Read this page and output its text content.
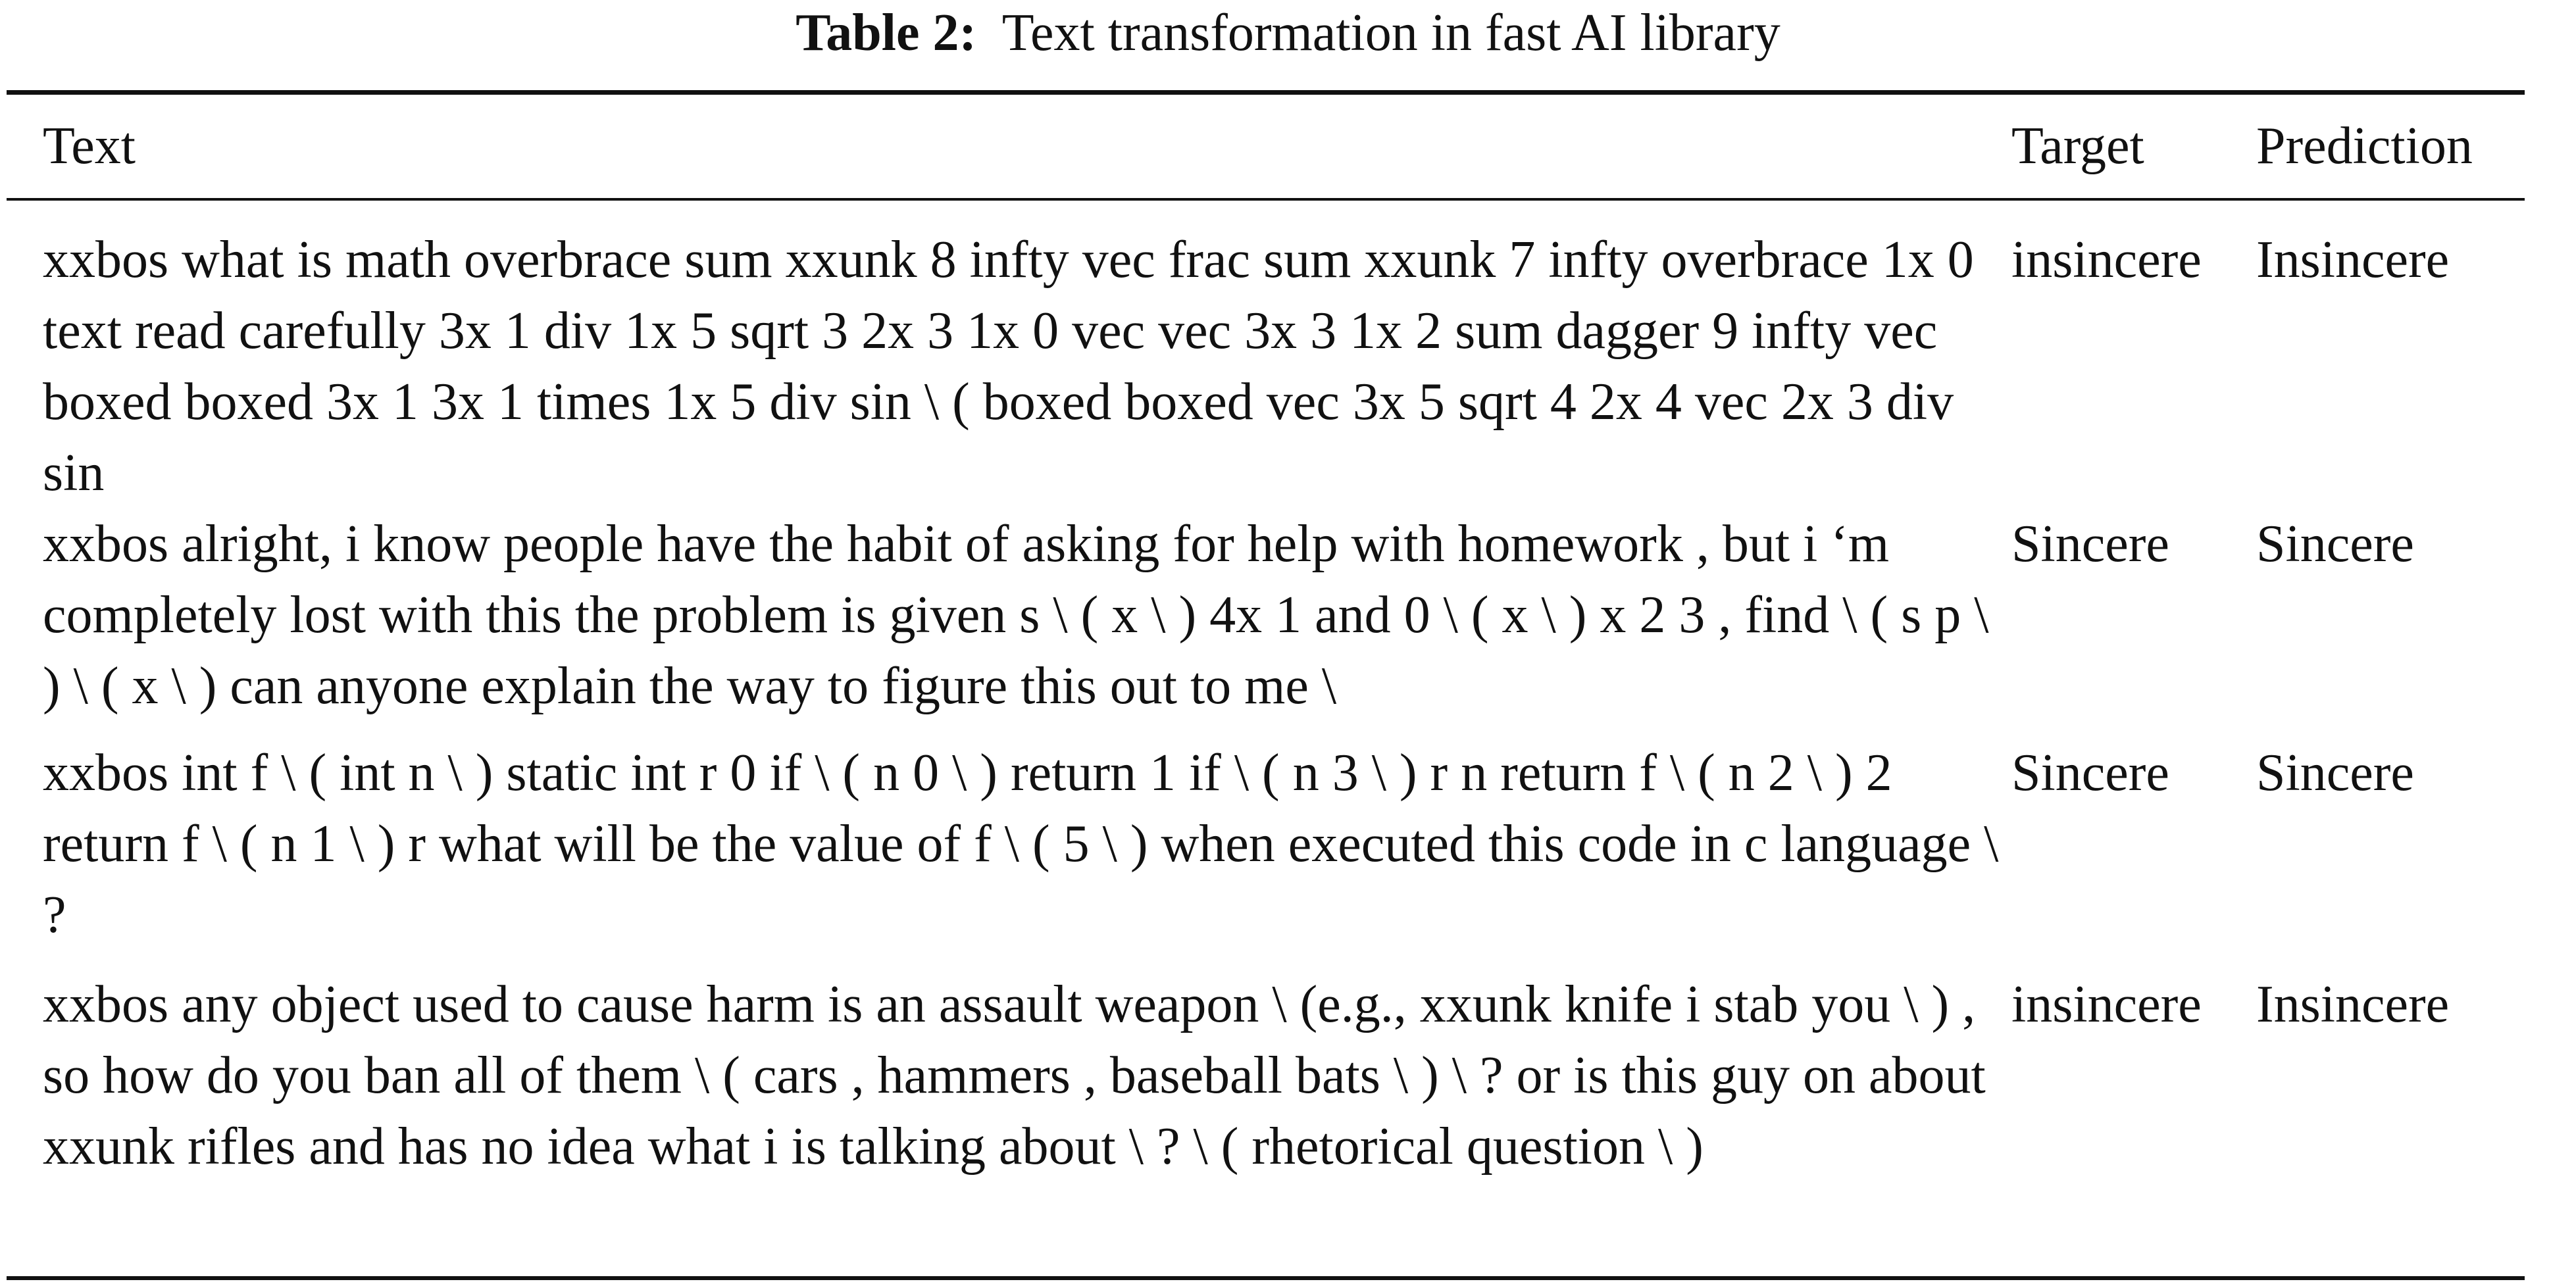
Table 2: Text transformation in fast AI library
Text	Target	Prediction
xxbos what is math overbrace sum xxunk 8 infty vec frac sum xxunk 7 infty overbrace 1x 0 text read carefully 3x 1 div 1x 5 sqrt 3 2x 3 1x 0 vec vec 3x 3 1x 2 sum dagger 9 infty vec boxed boxed 3x 1 3x 1 times 1x 5 div sin \ ( boxed boxed vec 3x 5 sqrt 4 2x 4 vec 2x 3 div sin	insincere	Insincere
xxbos alright, i know people have the habit of asking for help with homework , but i ‘m completely lost with this the problem is given s \ ( x \ ) 4x 1 and 0 \ ( x \ ) x 2 3 , find \ ( s p \ ) \ ( x \ ) can anyone explain the way to figure this out to me \	Sincere	Sincere
xxbos int f \ ( int n \ ) static int r 0 if \ ( n 0 \ ) return 1 if \ ( n 3 \ ) r n return f \ ( n 2 \ ) 2 return f \ ( n 1 \ ) r what will be the value of f \ ( 5 \ ) when executed this code in c language \ ?	Sincere	Sincere
xxbos any object used to cause harm is an assault weapon \ (e.g., xxunk knife i stab you \ ) , so how do you ban all of them \ ( cars , hammers , baseball bats \ ) \ ? or is this guy on about xxunk rifles and has no idea what i is talking about \ ? \ ( rhetorical question \ )	insincere	Insincere
